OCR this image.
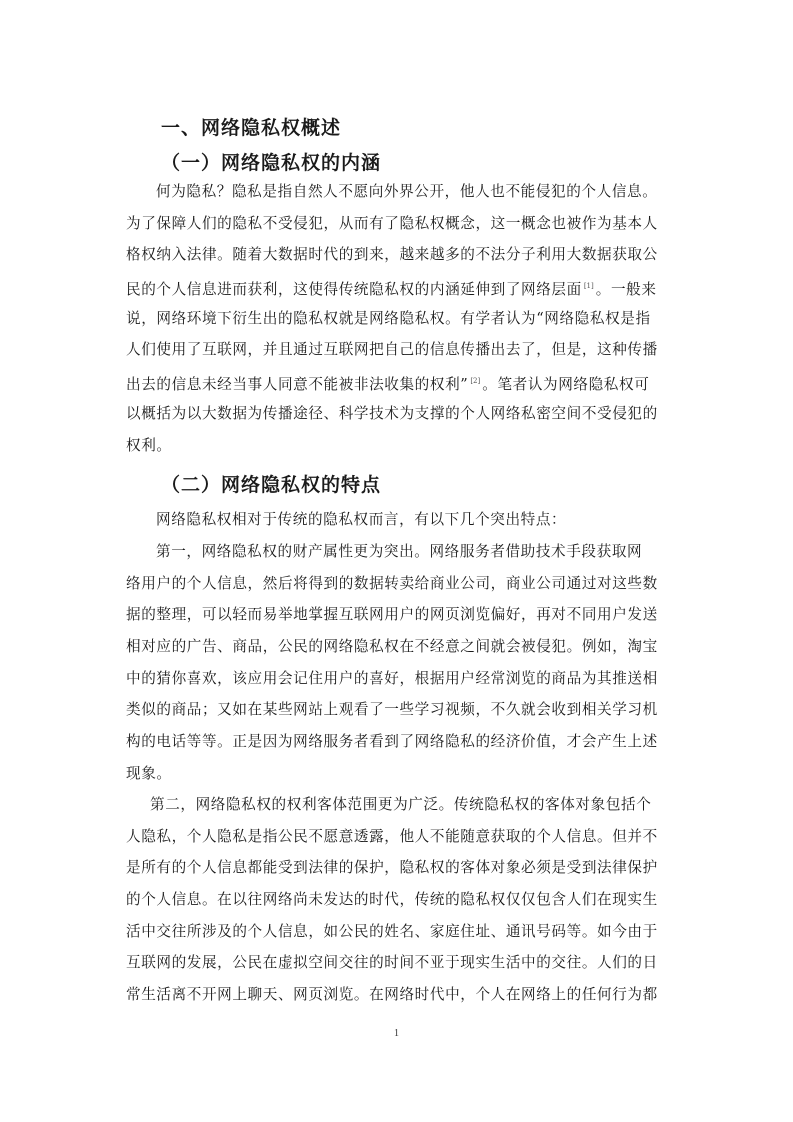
一、网络隐私权概述
（一）网络隐私权的内涵
何为隐私？隐私是指自然人不愿向外界公开，他人也不能侵犯的个人信息。
为了保障人们的隐私不受侵犯，从而有了隐私权概念，这一概念也被作为基本人
格权纳入法律。随着大数据时代的到来，越来越多的不法分子利用大数据获取公
民的个人信息进而获利，这使得传统隐私权的内涵延伸到了网络层面 [1] 。一般来
说，网络环境下衍生出的隐私权就是网络隐私权。有学者认为“网络隐私权是指
人们使用了互联网，并且通过互联网把自己的信息传播出去了，但是，这种传播
出去的信息未经当事人同意不能被非法收集的权利” [2] 。笔者认为网络隐私权可
以概括为以大数据为传播途径、科学技术为支撑的个人网络私密空间不受侵犯的
权利。
（二）网络隐私权的特点
网络隐私权相对于传统的隐私权而言，有以下几个突出特点：
第一，网络隐私权的财产属性更为突出。网络服务者借助技术手段获取网
络用户的个人信息，然后将得到的数据转卖给商业公司，商业公司通过对这些数
据的整理，可以轻而易举地掌握互联网用户的网页浏览偏好，再对不同用户发送
相对应的广告、商品，公民的网络隐私权在不经意之间就会被侵犯。例如，淘宝
中的猜你喜欢，该应用会记住用户的喜好，根据用户经常浏览的商品为其推送相
类似的商品；又如在某些网站上观看了一些学习视频，不久就会收到相关学习机
构的电话等等。正是因为网络服务者看到了网络隐私的经济价值，才会产生上述
现象。
第二，网络隐私权的权利客体范围更为广泛。传统隐私权的客体对象包括个
人隐私，个人隐私是指公民不愿意透露，他人不能随意获取的个人信息。但并不
是所有的个人信息都能受到法律的保护，隐私权的客体对象必须是受到法律保护
的个人信息。在以往网络尚未发达的时代，传统的隐私权仅仅包含人们在现实生
活中交往所涉及的个人信息，如公民的姓名、家庭住址、通讯号码等。如今由于
互联网的发展，公民在虚拟空间交往的时间不亚于现实生活中的交往。人们的日
常生活离不开网上聊天、网页浏览。在网络时代中，个人在网络上的任何行为都
1
